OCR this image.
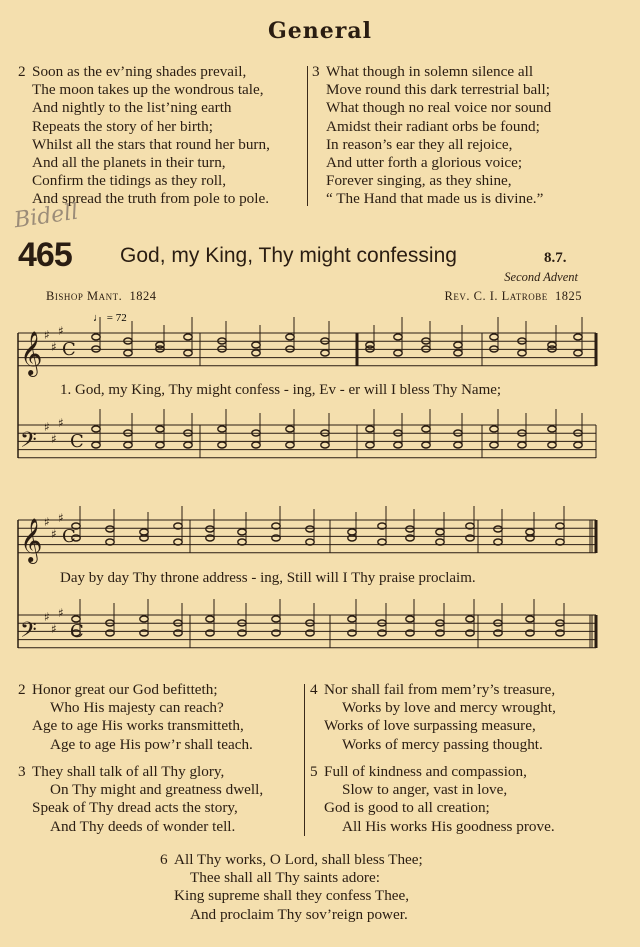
General
2 Soon as the ev’ning shades prevail,
The moon takes up the wondrous tale,
And nightly to the list’ning earth
Repeats the story of her birth;
Whilst all the stars that round her burn,
And all the planets in their turn,
Confirm the tidings as they roll,
And spread the truth from pole to pole.
3 What though in solemn silence all
Move round this dark terrestrial ball;
What though no real voice nor sound
Amidst their radiant orbs be found;
In reason’s ear they all rejoice,
And utter forth a glorious voice;
Forever singing, as they shine,
“ The Hand that made us is divine.”
Bidell
465 God, my King, Thy might confessing	8.7.
Second Advent
Bishop Mant. 1824	Rev. C. I. Latrobe 1825
𝄞
𝄢
𝄞
𝄢
♯
♯
♯
♯
♯
♯
♯
♯
♯
♯
♯
♯
C
C
C
C
♩ = 72
1. God, my King, Thy might confess - ing, Ev - er will I bless Thy Name;
Day by day Thy throne address - ing, Still will I Thy praise proclaim.
2 Honor great our God befitteth;
Who His majesty can reach?
Age to age His works transmitteth,
Age to age His pow’r shall teach.
3 They shall talk of all Thy glory,
On Thy might and greatness dwell,
Speak of Thy dread acts the story,
And Thy deeds of wonder tell.
4 Nor shall fail from mem’ry’s treasure,
Works by love and mercy wrought,
Works of love surpassing measure,
Works of mercy passing thought.
5 Full of kindness and compassion,
Slow to anger, vast in love,
God is good to all creation;
All His works His goodness prove.
6 All Thy works, O Lord, shall bless Thee;
Thee shall all Thy saints adore:
King supreme shall they confess Thee,
And proclaim Thy sov’reign power.
